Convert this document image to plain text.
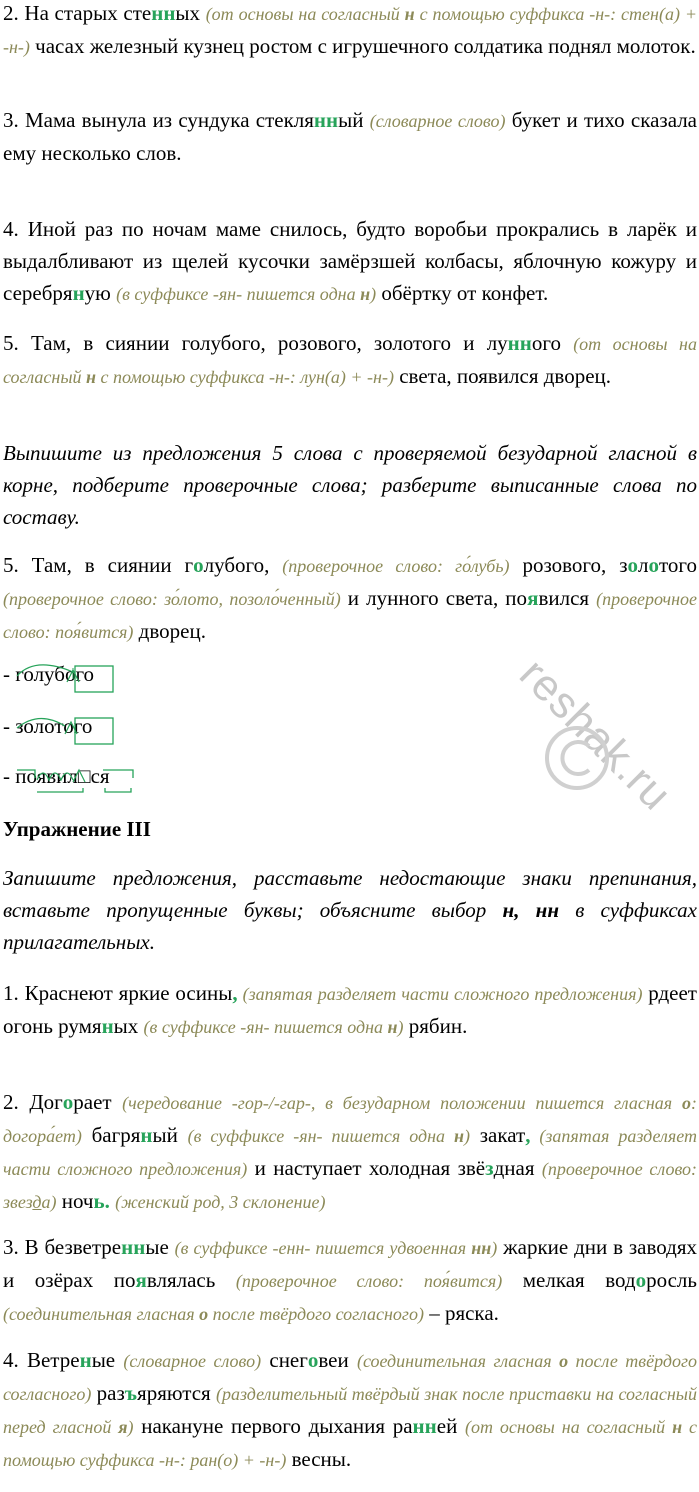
2. На старых стенных (от основы на согласный н с помощью суффикса -н-: стен(а) + -н-) часах железный кузнец ростом с игрушечного солдатика поднял молоток.

3. Мама вынула из сундука стеклянный (словарное слово) букет и тихо сказала ему несколько слов.

4. Иной раз по ночам маме снилось, будто воробьи прокрались в ларёк и выдалбливают из щелей кусочки замёрзшей колбасы, яблочную кожуру и серебряную (в суффиксе -ян- пишется одна н) обёртку от конфет.

5. Там, в сиянии голубого, розового, золотого и лунного (от основы на согласный н с помощью суффикса -н-: лун(а) + -н-) света, появился дворец.

Выпишите из предложения 5 слова с проверяемой безударной гласной в корне, подберите проверочные слова; разберите выписанные слова по составу.

5. Там, в сиянии голубого, (проверочное слово: го́лубь) розового, золотого (проверочное слово: зо́лото, позоло́ченный) и лунного света, появился (проверочное слово: поя́вится) дворец.

- голубого
- золотого
- появил□ся

Упражнение III

Запишите предложения, расставьте недостающие знаки препинания, вставьте пропущенные буквы; объясните выбор н, нн в суффиксах прилагательных.

1. Краснеют яркие осины, (запятая разделяет части сложного предложения) рдеет огонь румяных (в суффиксе -ян- пишется одна н) рябин.

2. Догорает (чередование -гор-/-гар-, в безударном положении пишется гласная о: догора́ет) багряный (в суффиксе -ян- пишется одна н) закат, (запятая разделяет части сложного предложения) и наступает холодная звёздная (проверочное слово: звезда) ночь. (женский род, 3 склонение)

3. В безветренные (в суффиксе -енн- пишется удвоенная нн) жаркие дни в заводях и озёрах появлялась (проверочное слово: поя́вится) мелкая водоросль (соединительная гласная о после твёрдого согласного) – ряска.

4. Ветреные (словарное слово) снеговеи (соединительная гласная о после твёрдого согласного) разъяряются (разделительный твёрдый знак после приставки на согласный перед гласной я) накануне первого дыхания ранней (от основы на согласный н с помощью суффикса -н-: ран(о) + -н-) весны.

reshak.ru
